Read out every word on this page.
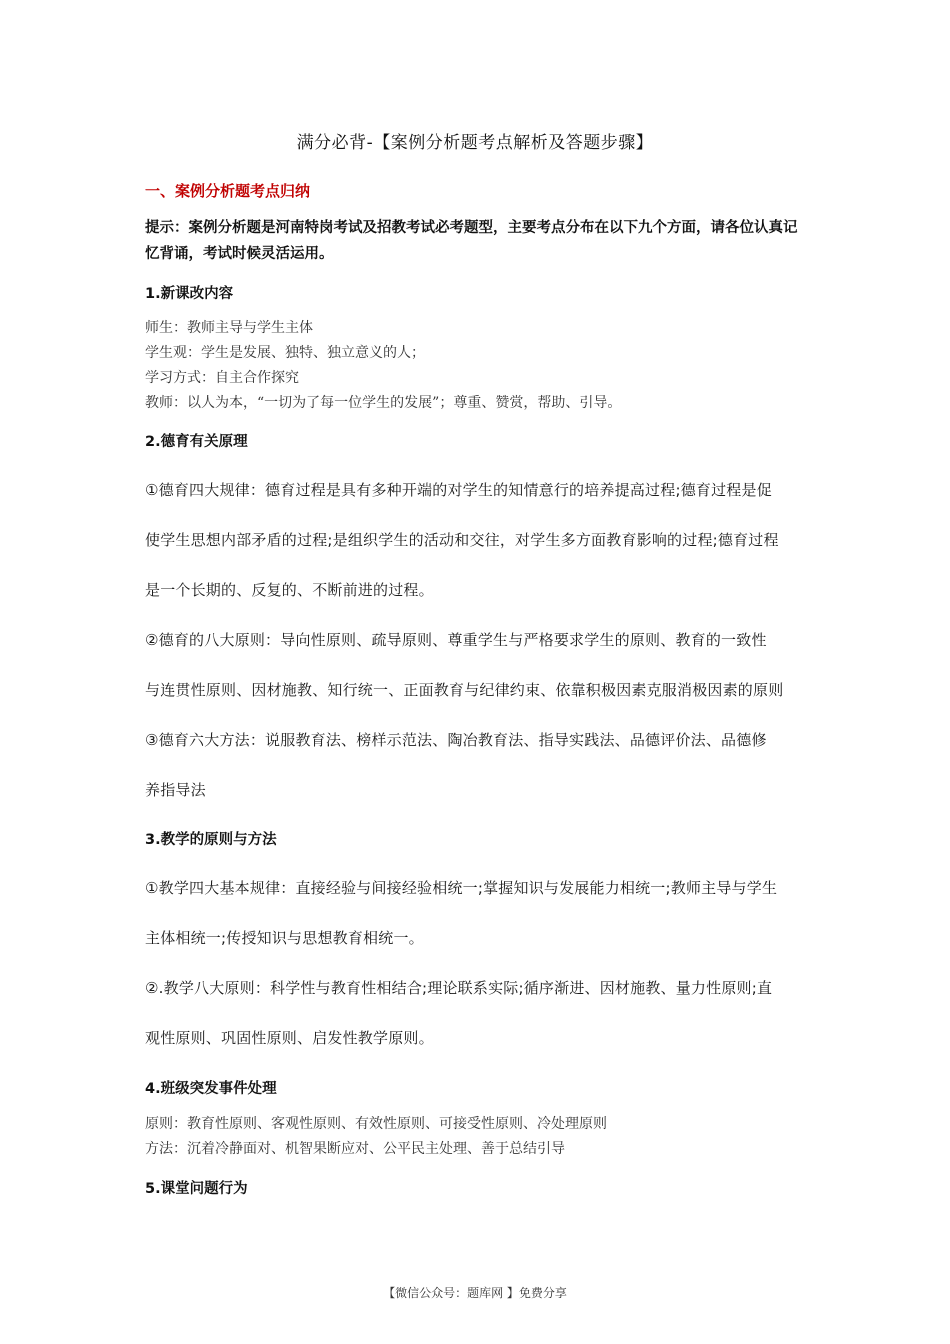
满分必背-【案例分析题考点解析及答题步骤】
一、案例分析题考点归纳
提示：案例分析题是河南特岗考试及招教考试必考题型，主要考点分布在以下九个方面，请各位认真记忆背诵，考试时候灵活运用。
1.新课改内容
师生：教师主导与学生主体
学生观：学生是发展、独特、独立意义的人；
学习方式：自主合作探究
教师：以人为本，“一切为了每一位学生的发展”；尊重、赞赏，帮助、引导。
2.德育有关原理
①德育四大规律：德育过程是具有多种开端的对学生的知情意行的培养提高过程;德育过程是促
使学生思想内部矛盾的过程;是组织学生的活动和交往，对学生多方面教育影响的过程;德育过程
是一个长期的、反复的、不断前进的过程。
②德育的八大原则：导向性原则、疏导原则、尊重学生与严格要求学生的原则、教育的一致性
与连贯性原则、因材施教、知行统一、正面教育与纪律约束、依靠积极因素克服消极因素的原则
③德育六大方法：说服教育法、榜样示范法、陶冶教育法、指导实践法、品德评价法、品德修
养指导法
3.教学的原则与方法
①教学四大基本规律：直接经验与间接经验相统一;掌握知识与发展能力相统一;教师主导与学生
主体相统一;传授知识与思想教育相统一。
②.教学八大原则：科学性与教育性相结合;理论联系实际;循序渐进、因材施教、量力性原则;直
观性原则、巩固性原则、启发性教学原则。
4.班级突发事件处理
原则：教育性原则、客观性原则、有效性原则、可接受性原则、冷处理原则
方法：沉着冷静面对、机智果断应对、公平民主处理、善于总结引导
5.课堂问题行为
【微信公众号：题库网 】免费分享
